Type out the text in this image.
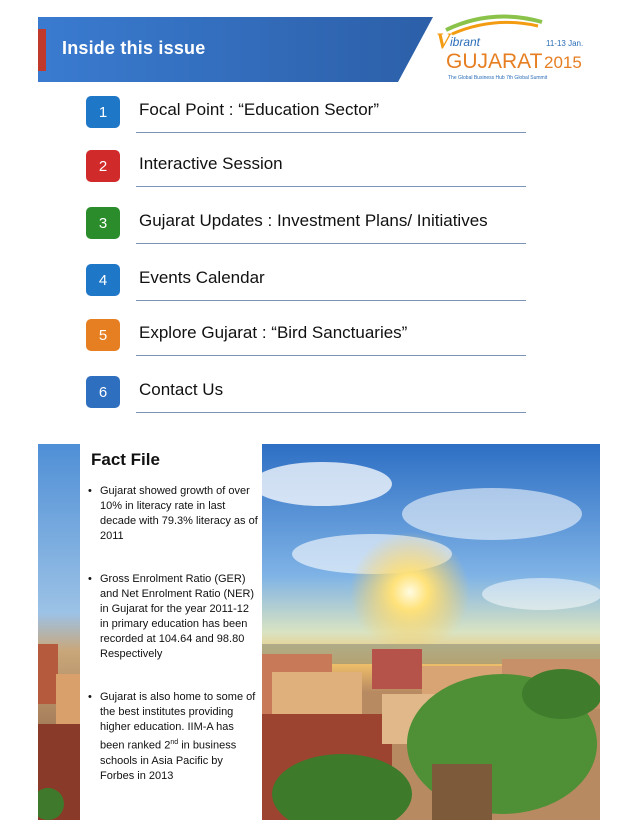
Inside this issue	V ibrant
GUJARAT
11-13 Jan.
2015
The Global Business Hub 7th Global Summit
1	Focal Point : “Education Sector”
2	Interactive Session
3	Gujarat Updates : Investment Plans/ Initiatives
4	Events Calendar
5	Explore Gujarat : “Bird Sanctuaries”
6	Contact Us
Fact File
• Gujarat showed growth of over 10% in literacy rate in last decade with 79.3% literacy as of 2011
• Gross Enrolment Ratio (GER) and Net Enrolment Ratio (NER) in Gujarat for the year 2011-12 in primary education has been recorded at 104.64 and 98.80 Respectively
• Gujarat is also home to some of the best institutes providing higher education. IIM-A has been ranked 2nd in business schools in Asia Pacific by Forbes in 2013
